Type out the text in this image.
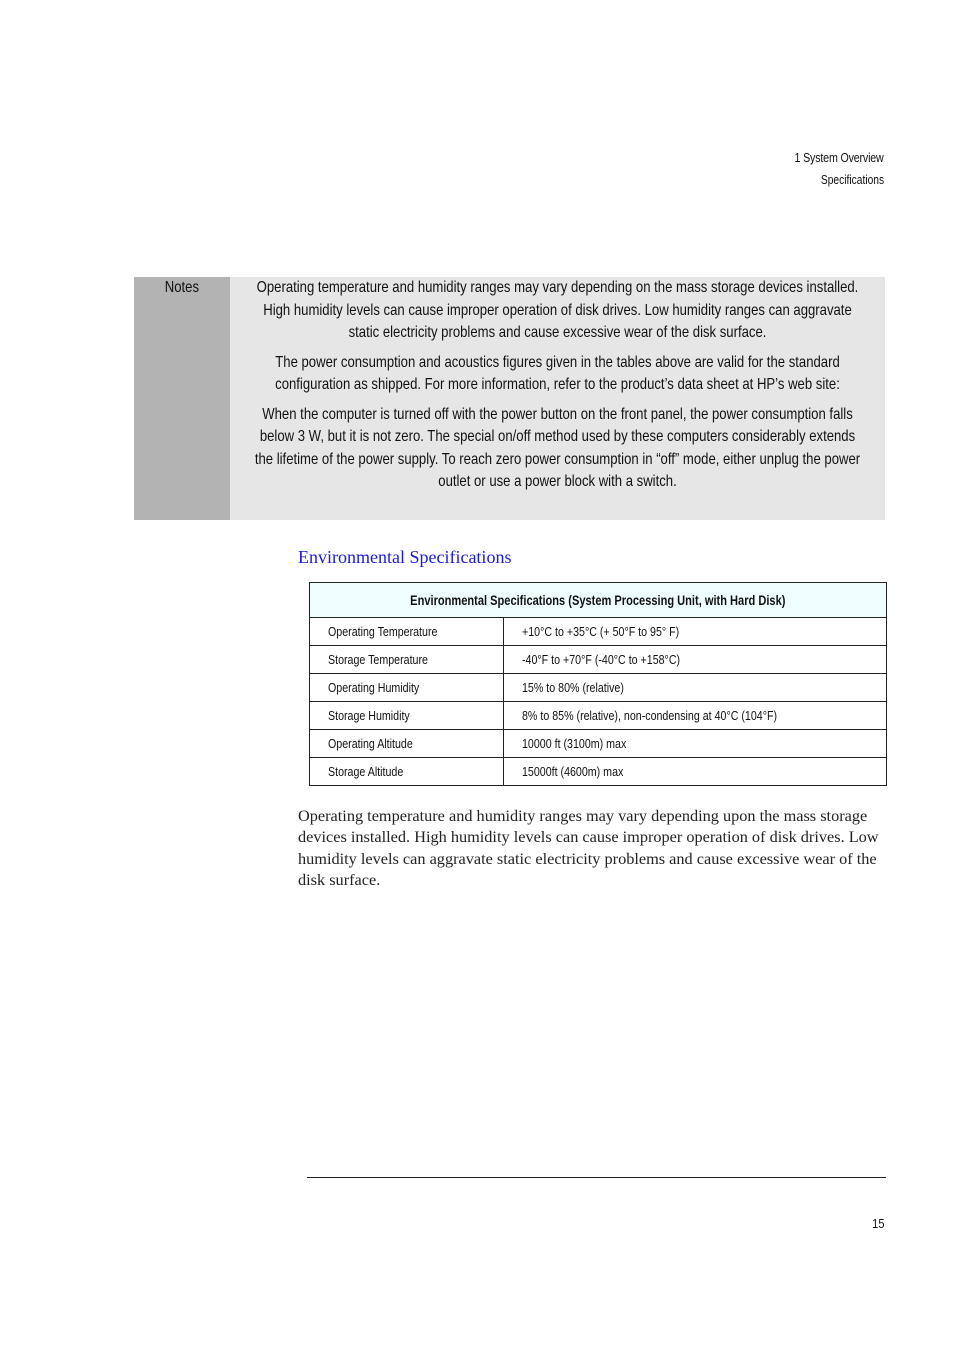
1 System Overview
Specifications
Notes	Operating temperature and humidity ranges may vary depending on the mass storage devices installed. High humidity levels can cause improper operation of disk drives. Low humidity ranges can aggravate static electricity problems and cause excessive wear of the disk surface.

The power consumption and acoustics figures given in the tables above are valid for the standard configuration as shipped. For more information, refer to the product’s data sheet at HP’s web site:

When the computer is turned off with the power button on the front panel, the power consumption falls below 3 W, but it is not zero. The special on/off method used by these computers considerably extends the lifetime of the power supply. To reach zero power consumption in “off” mode, either unplug the power outlet or use a power block with a switch.

Environmental Specifications
Environmental Specifications (System Processing Unit, with Hard Disk)	
Operating Temperature	+10°C to +35°C (+ 50°F to 95° F)
Storage Temperature	-40°F to +70°F (-40°C to +158°C)
Operating Humidity	15% to 80% (relative)
Storage Humidity	8% to 85% (relative), non-condensing at 40°C (104°F)
Operating Altitude	10000 ft (3100m) max
Storage Altitude	15000ft (4600m) max
Operating temperature and humidity ranges may vary depending upon the mass storage devices installed. High humidity levels can cause improper operation of disk drives. Low humidity levels can aggravate static electricity problems and cause excessive wear of the disk surface.
15
